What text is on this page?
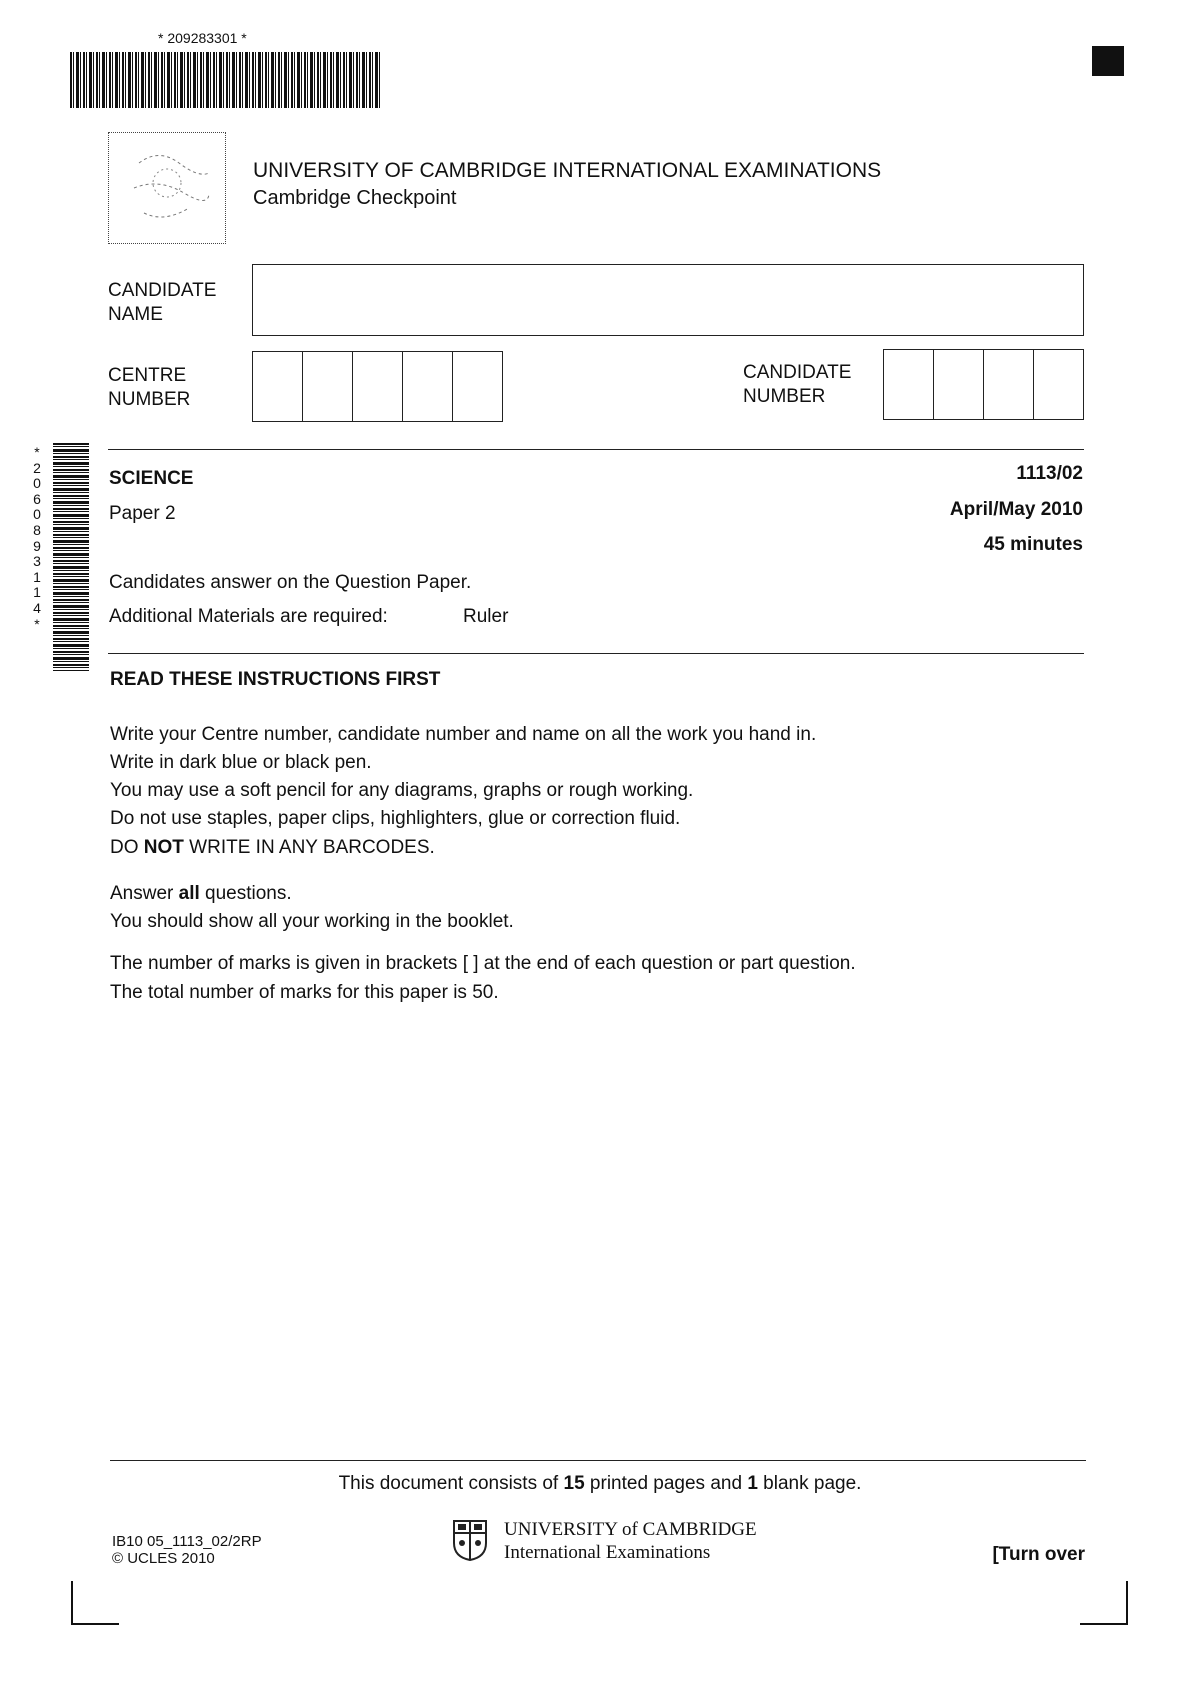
* 209283301 *
* 2 0 6 0 8 9 3 1 1 4 *
UNIVERSITY OF CAMBRIDGE INTERNATIONAL EXAMINATIONS
Cambridge Checkpoint
CANDIDATE
NAME
CENTRE
NUMBER
CANDIDATE
NUMBER
SCIENCE
Paper 2
1113/02
April/May 2010
45 minutes
Candidates answer on the Question Paper.
Additional Materials are required:	Ruler
READ THESE INSTRUCTIONS FIRST
Write your Centre number, candidate number and name on all the work you hand in.
Write in dark blue or black pen.
You may use a soft pencil for any diagrams, graphs or rough working.
Do not use staples, paper clips, highlighters, glue or correction fluid.
DO NOT WRITE IN ANY BARCODES.
Answer all questions.
You should show all your working in the booklet.
The number of marks is given in brackets [ ] at the end of each question or part question.
The total number of marks for this paper is 50.
This document consists of 15 printed pages and 1 blank page.
IB10 05_1113_02/2RP
© UCLES 2010
UNIVERSITY of CAMBRIDGE
International Examinations	[Turn over
